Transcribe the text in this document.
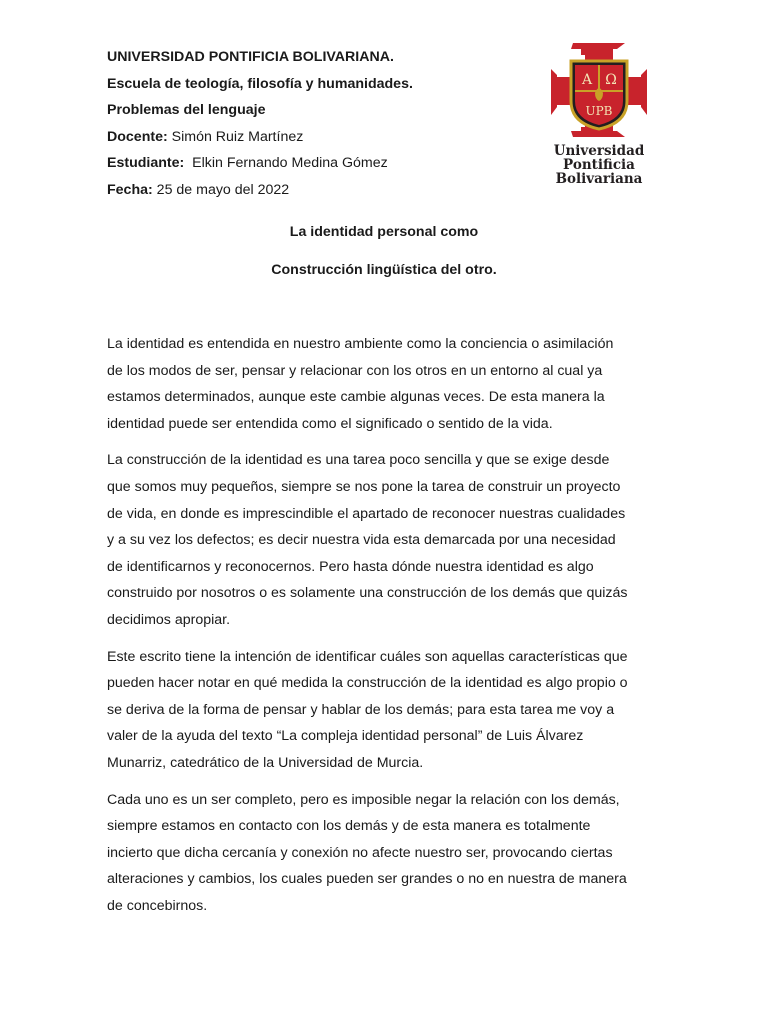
UNIVERSIDAD PONTIFICIA BOLIVARIANA.
Escuela de teología, filosofía y humanidades.
Problemas del lenguaje
Docente: Simón Ruiz Martínez
Estudiante:  Elkin Fernando Medina Gómez
Fecha: 25 de mayo del 2022
A Ω
UPB
Universidad
Pontificia
Bolivariana
La identidad personal como
Construcción lingüística del otro.

La identidad es entendida en nuestro ambiente como la conciencia o asimilación
de los modos de ser, pensar y relacionar con los otros en un entorno al cual ya
estamos determinados, aunque este cambie algunas veces. De esta manera la
identidad puede ser entendida como el significado o sentido de la vida.

La construcción de la identidad es una tarea poco sencilla y que se exige desde
que somos muy pequeños, siempre se nos pone la tarea de construir un proyecto
de vida, en donde es imprescindible el apartado de reconocer nuestras cualidades
y a su vez los defectos; es decir nuestra vida esta demarcada por una necesidad
de identificarnos y reconocernos. Pero hasta dónde nuestra identidad es algo
construido por nosotros o es solamente una construcción de los demás que quizás
decidimos apropiar.

Este escrito tiene la intención de identificar cuáles son aquellas características que
pueden hacer notar en qué medida la construcción de la identidad es algo propio o
se deriva de la forma de pensar y hablar de los demás; para esta tarea me voy a
valer de la ayuda del texto “La compleja identidad personal” de Luis Álvarez
Munarriz, catedrático de la Universidad de Murcia.

Cada uno es un ser completo, pero es imposible negar la relación con los demás,
siempre estamos en contacto con los demás y de esta manera es totalmente
incierto que dicha cercanía y conexión no afecte nuestro ser, provocando ciertas
alteraciones y cambios, los cuales pueden ser grandes o no en nuestra de manera
de concebirnos.
